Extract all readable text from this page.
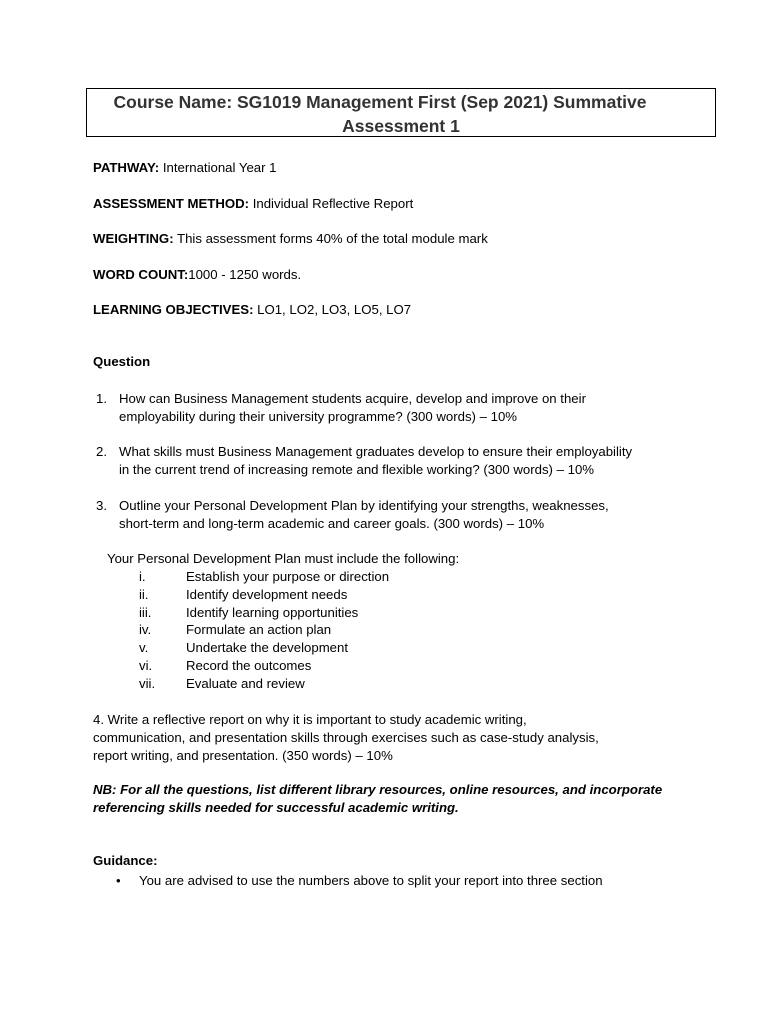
Course Name: SG1019 Management First (Sep 2021) Summative
Assessment 1
PATHWAY: International Year 1
ASSESSMENT METHOD: Individual Reflective Report
WEIGHTING: This assessment forms 40% of the total module mark
WORD COUNT:1000 - 1250 words.
LEARNING OBJECTIVES: LO1, LO2, LO3, LO5, LO7
Question
1. How can Business Management students acquire, develop and improve on their
employability during their university programme? (300 words) – 10%
2. What skills must Business Management graduates develop to ensure their employability
in the current trend of increasing remote and flexible working? (300 words) – 10%
3. Outline your Personal Development Plan by identifying your strengths, weaknesses,
short-term and long-term academic and career goals. (300 words) – 10%
Your Personal Development Plan must include the following:
i.	Establish your purpose or direction
ii.	Identify development needs
iii.	Identify learning opportunities
iv.	Formulate an action plan
v.	Undertake the development
vi.	Record the outcomes
vii. Evaluate and review
4. Write a reflective report on why it is important to study academic writing,
communication, and presentation skills through exercises such as case-study analysis,
report writing, and presentation. (350 words) – 10%
NB: For all the questions, list different library resources, online resources, and incorporate
referencing skills needed for successful academic writing.
Guidance:
• You are advised to use the numbers above to split your report into three section
